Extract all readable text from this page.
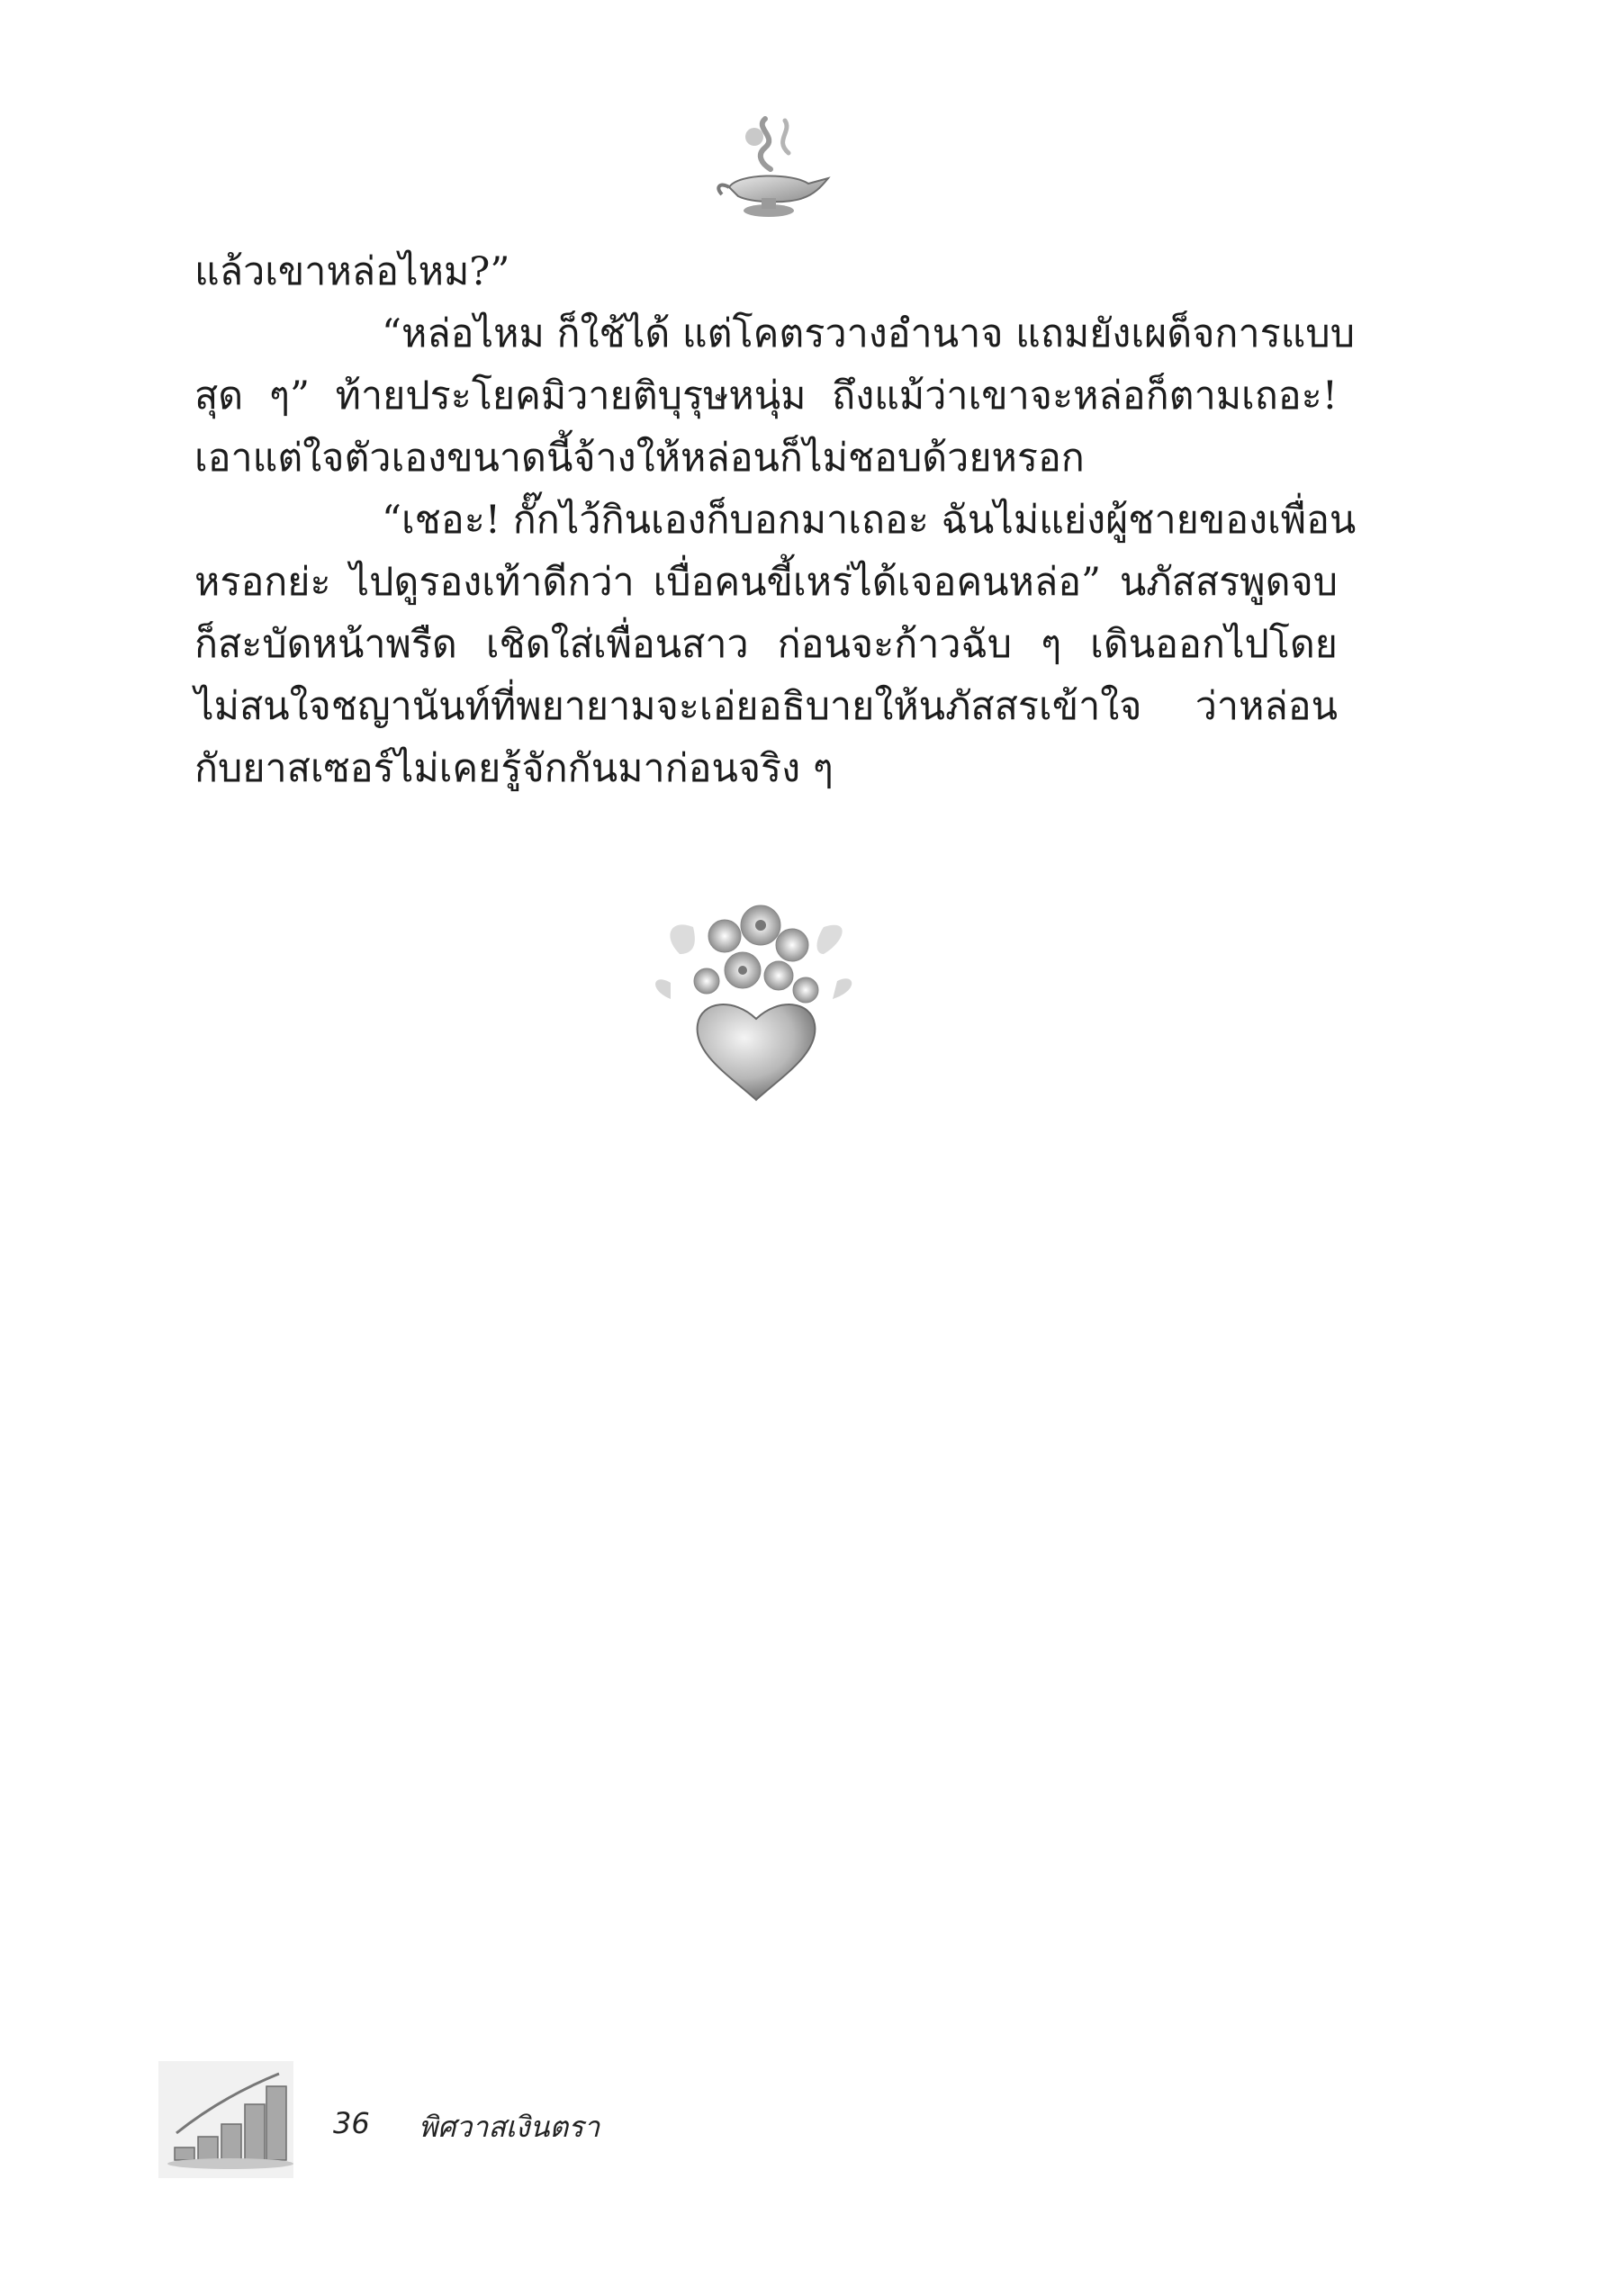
แล้วเขาหล่อไหม?”
“หล่อไหม ก็ใช้ได้ แต่โคตรวางอำนาจ แถมยังเผด็จการแบบ
สุด ๆ” ท้ายประโยคมิวายติบุรุษหนุ่ม ถึงแม้ว่าเขาจะหล่อก็ตามเถอะ!
เอาแต่ใจตัวเองขนาดนี้จ้างให้หล่อนก็ไม่ชอบด้วยหรอก
“เชอะ! กั๊กไว้กินเองก็บอกมาเถอะ ฉันไม่แย่งผู้ชายของเพื่อน
หรอกย่ะ ไปดูรองเท้าดีกว่า เบื่อคนขี้เหร่ได้เจอคนหล่อ” นภัสสรพูดจบ
ก็สะบัดหน้าพรืด เชิดใส่เพื่อนสาว ก่อนจะก้าวฉับ ๆ เดินออกไปโดย
ไม่สนใจชญานันท์ที่พยายามจะเอ่ยอธิบายให้นภัสสรเข้าใจ ว่าหล่อน
กับยาสเซอร์ไม่เคยรู้จักกันมาก่อนจริง ๆ
36 พิศวาสเงินตรา
